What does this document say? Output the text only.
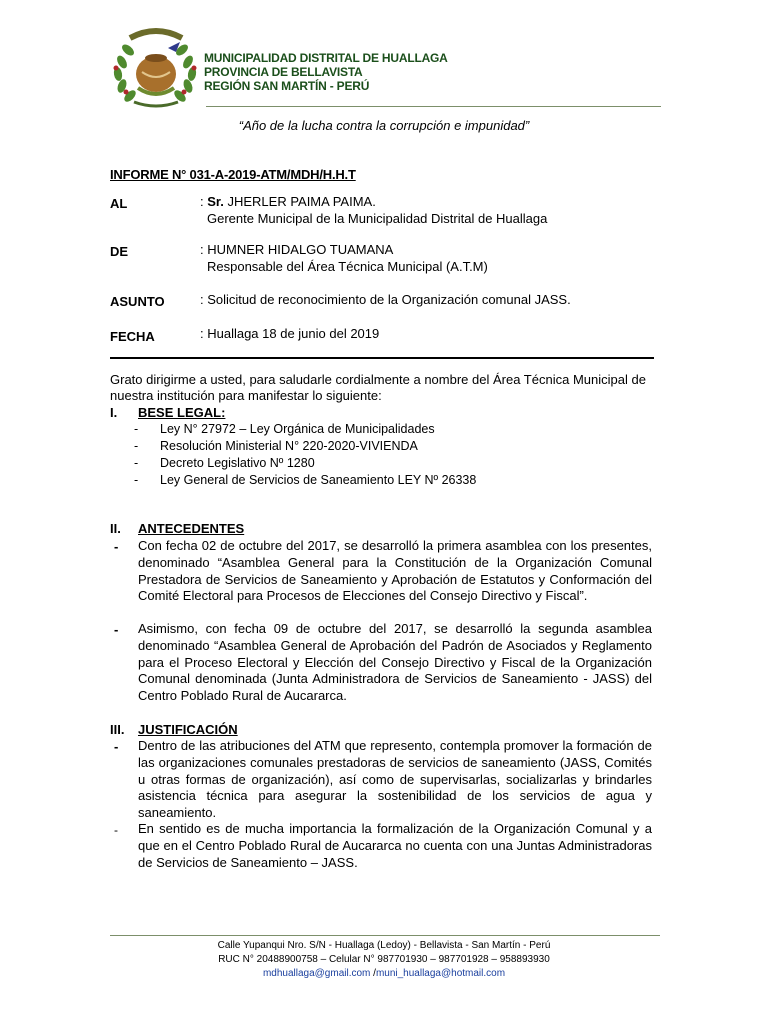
MUNICIPALIDAD DISTRITAL DE HUALLAGA
PROVINCIA DE BELLAVISTA
REGIÓN SAN MARTÍN - PERÚ
“Año de la lucha contra la corrupción e impunidad”
INFORME N° 031-A-2019-ATM/MDH/H.H.T
AL	: Sr. JHERLER PAIMA PAIMA.
Gerente Municipal de la Municipalidad Distrital de Huallaga
DE	: HUMNER HIDALGO TUAMANA
Responsable del Área Técnica Municipal (A.T.M)
ASUNTO	: Solicitud de reconocimiento de la Organización comunal JASS.
FECHA	: Huallaga 18 de junio del 2019
Grato dirigirme a usted, para saludarle cordialmente a nombre del Área Técnica Municipal de nuestra institución para manifestar lo siguiente:
I. BESE LEGAL:
- Ley N° 27972 – Ley Orgánica de Municipalidades
- Resolución Ministerial N° 220-2020-VIVIENDA
- Decreto Legislativo Nº 1280
- Ley General de Servicios de Saneamiento LEY Nº 26338
II. ANTECEDENTES
- Con fecha 02 de octubre del 2017, se desarrolló la primera asamblea con los presentes, denominado “Asamblea General para la Constitución de la Organización Comunal Prestadora de Servicios de Saneamiento y Aprobación de Estatutos y Conformación del Comité Electoral para Procesos de Elecciones del Consejo Directivo y Fiscal”.
- Asimismo, con fecha 09 de octubre del 2017, se desarrolló la segunda asamblea denominado “Asamblea General de Aprobación del Padrón de Asociados y Reglamento para el Proceso Electoral y Elección del Consejo Directivo y Fiscal de la Organización Comunal denominada (Junta Administradora de Servicios de Saneamiento - JASS) del Centro Poblado Rural de Aucararca.
III. JUSTIFICACIÓN
- Dentro de las atribuciones del ATM que represento, contempla promover la formación de las organizaciones comunales prestadoras de servicios de saneamiento (JASS, Comités u otras formas de organización), así como de supervisarlas, socializarlas y brindarles asistencia técnica para asegurar la sostenibilidad de los servicios de agua y saneamiento.
- En sentido es de mucha importancia la formalización de la Organización Comunal y a que en el Centro Poblado Rural de Aucararca no cuenta con una Juntas Administradoras de Servicios de Saneamiento – JASS.
Calle Yupanqui Nro. S/N - Huallaga (Ledoy) - Bellavista - San Martín - Perú
RUC N° 20488900758 – Celular N° 987701930 – 987701928 – 958893930
mdhuallaga@gmail.com /muni_huallaga@hotmail.com
